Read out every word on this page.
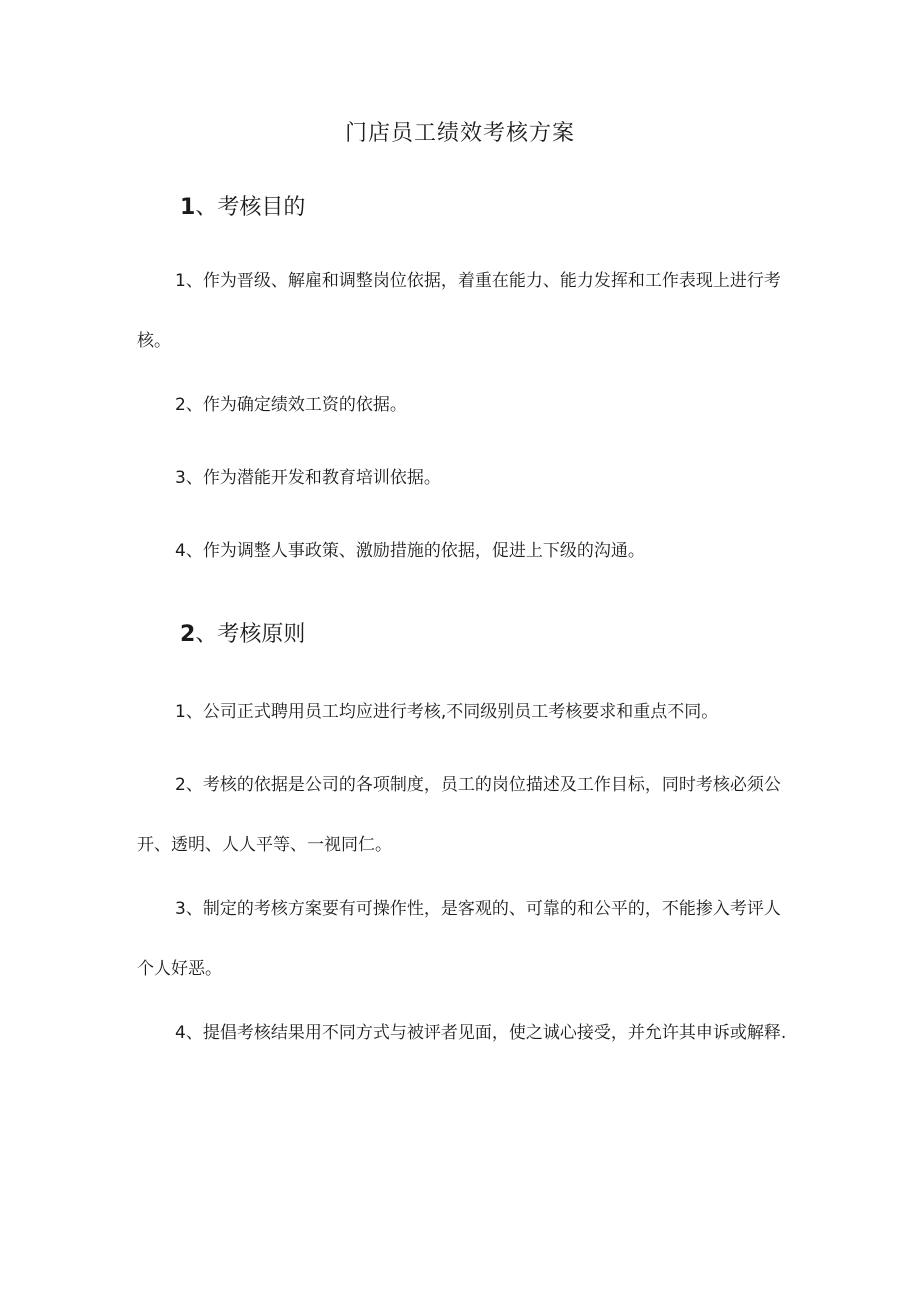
门店员工绩效考核方案
1、考核目的

1、作为晋级、解雇和调整岗位依据，着重在能力、能力发挥和工作表现上进行考核。

2、作为确定绩效工资的依据。

3、作为潜能开发和教育培训依据。

4、作为调整人事政策、激励措施的依据，促进上下级的沟通。

2、考核原则

1、公司正式聘用员工均应进行考核,不同级别员工考核要求和重点不同。

2、考核的依据是公司的各项制度，员工的岗位描述及工作目标，同时考核必须公开、透明、人人平等、一视同仁。

3、制定的考核方案要有可操作性，是客观的、可靠的和公平的，不能掺入考评人个人好恶。

4、提倡考核结果用不同方式与被评者见面，使之诚心接受，并允许其申诉或解释.
